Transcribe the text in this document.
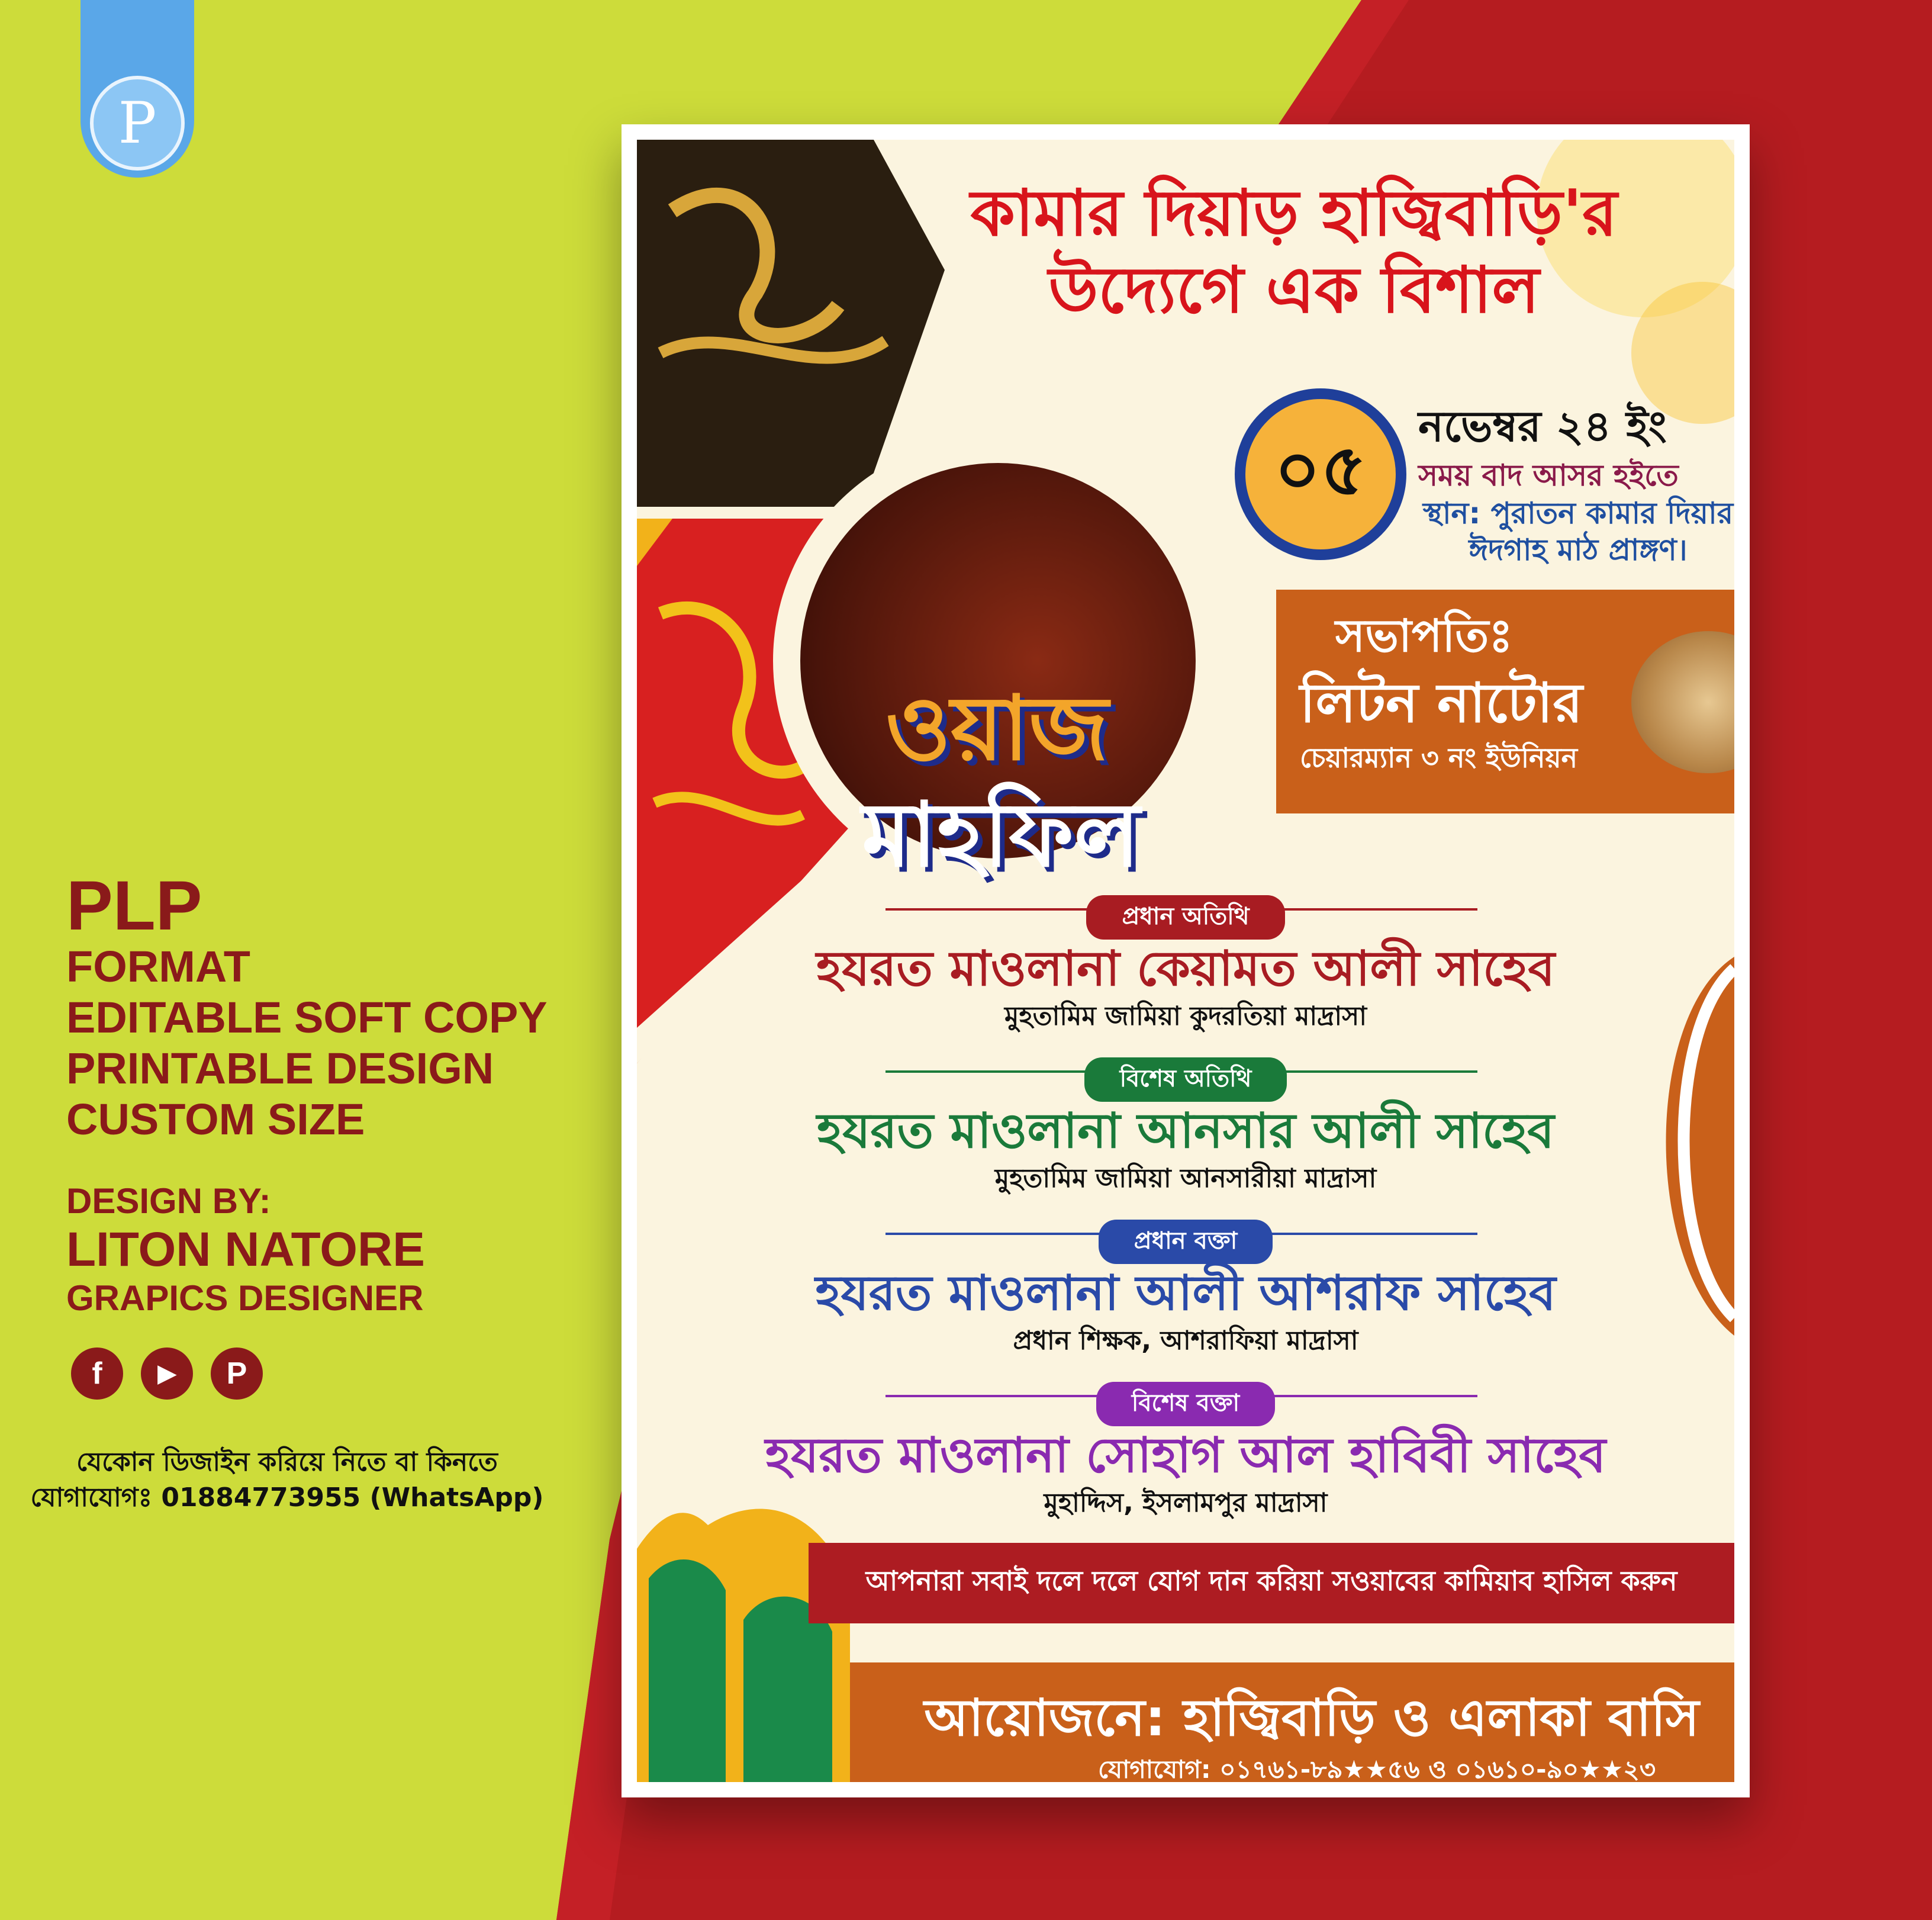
P
PLP
FORMAT
EDITABLE SOFT COPY
PRINTABLE DESIGN
CUSTOM SIZE
DESIGN BY:
LITON NATORE
GRAPICS DESIGNER
f	▶	P
যেকোন ডিজাইন করিয়ে নিতে বা কিনতে
যোগাযোগঃ 01884773955 (WhatsApp)
ওয়াজ
মাহফিল
কামার দিয়াড় হাজ্বিবাড়ি'র
উদ্যেগে এক বিশাল
০৫
নভেম্বর ২৪ ইং
সময় বাদ আসর হইতে
স্থান: পুরাতন কামার দিয়ার
ঈদগাহ মাঠ প্রাঙ্গণ।
সভাপতিঃ
লিটন নাটোর
চেয়ারম্যান ৩ নং ইউনিয়ন
প্রধান অতিথি
হযরত মাওলানা কেয়ামত আলী সাহেব
মুহতামিম জামিয়া কুদরতিয়া মাদ্রাসা
বিশেষ অতিথি
হযরত মাওলানা আনসার আলী সাহেব
মুহতামিম জামিয়া আনসারীয়া মাদ্রাসা
প্রধান বক্তা
হযরত মাওলানা আলী আশরাফ সাহেব
প্রধান শিক্ষক, আশরাফিয়া মাদ্রাসা
বিশেষ বক্তা
হযরত মাওলানা সোহাগ আল হাবিবী সাহেব
মুহাদ্দিস, ইসলামপুর মাদ্রাসা
আপনারা সবাই দলে দলে যোগ দান করিয়া সওয়াবের কামিয়াব হাসিল করুন
আয়োজনে: হাজ্বিবাড়ি ও এলাকা বাসি
যোগাযোগ: ০১৭৬১-৮৯★★৫৬ ও ০১৬১০-৯০★★২৩
